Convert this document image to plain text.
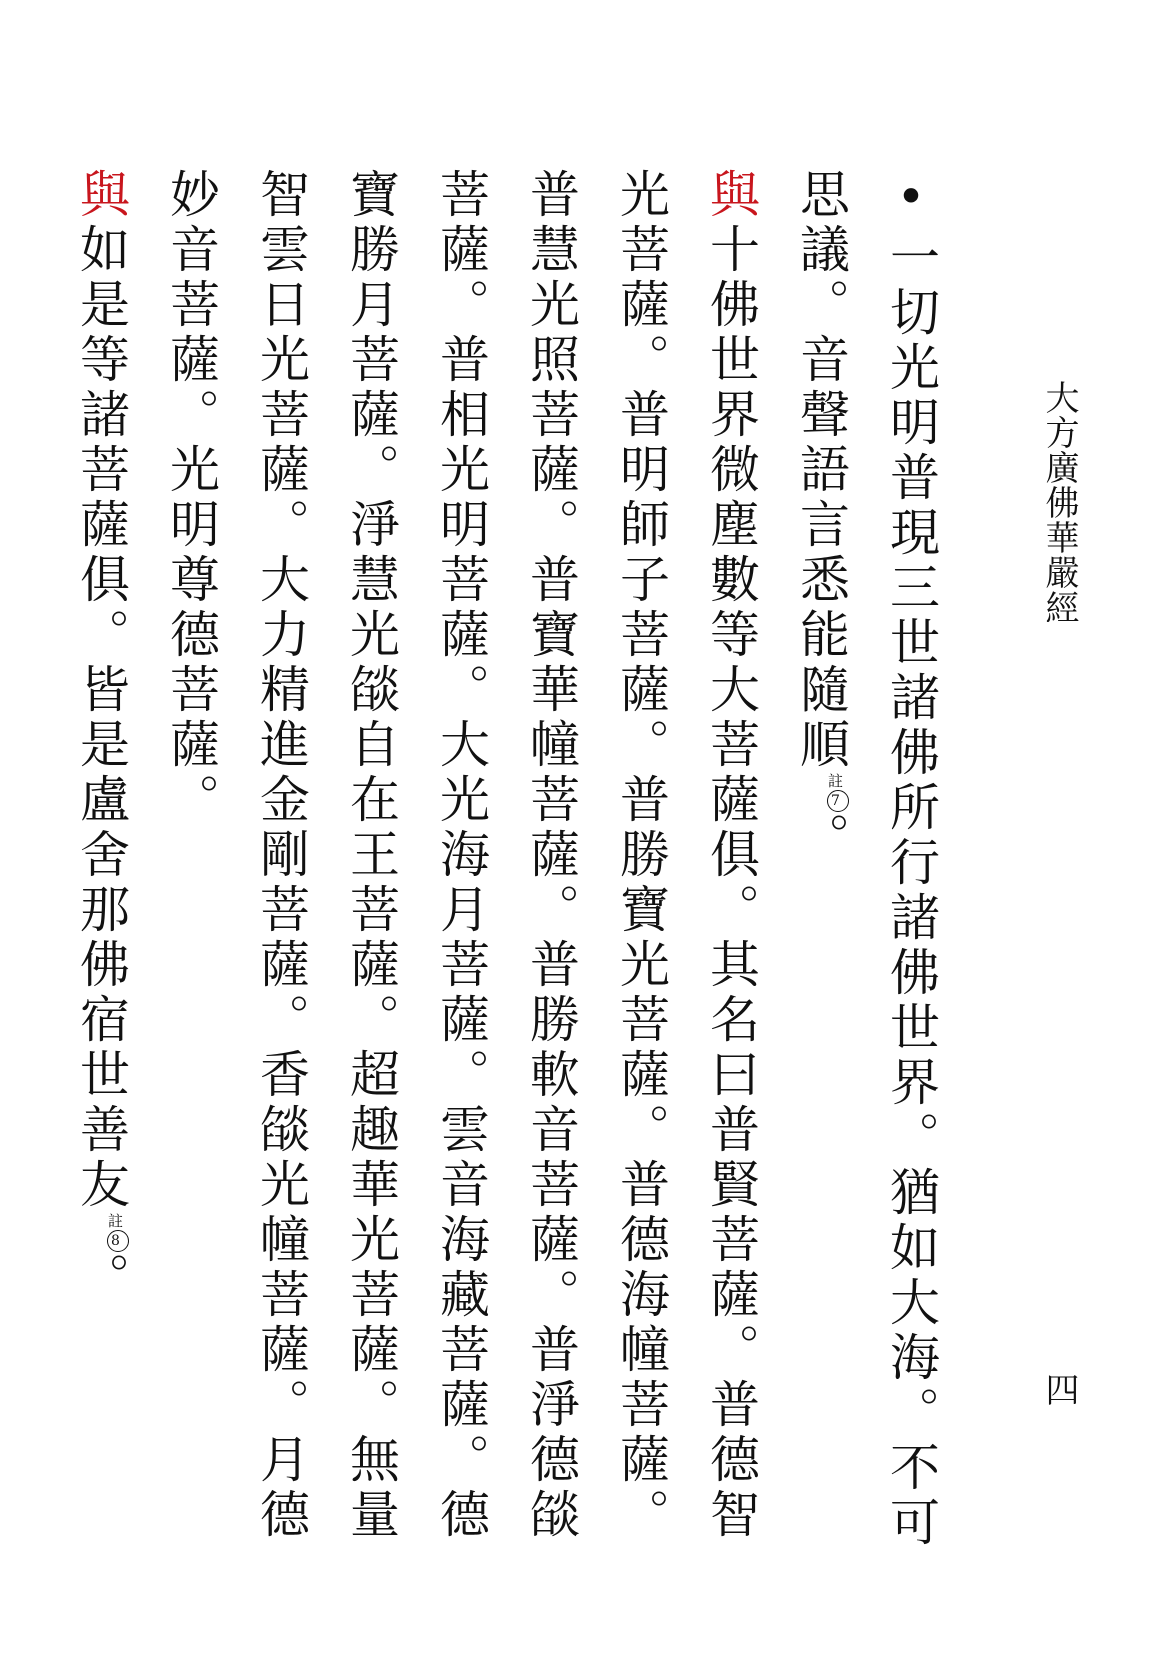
大方廣佛華嚴經
四
•一切光明普現三世諸佛所行諸佛世界。猶如大海。不可
思議。音聲語言悉能隨順註
7
。
與十佛世界微塵數等大菩薩俱。其名曰普賢菩薩。普德智
光菩薩。普明師子菩薩。普勝寶光菩薩。普德海幢菩薩。
普慧光照菩薩。普寶華幢菩薩。普勝軟音菩薩。普淨德燄
菩薩。普相光明菩薩。大光海月菩薩。雲音海藏菩薩。德
寶勝月菩薩。淨慧光燄自在王菩薩。超趣華光菩薩。無量
智雲日光菩薩。大力精進金剛菩薩。香燄光幢菩薩。月德
妙音菩薩。光明尊德菩薩。
與如是等諸菩薩俱。皆是盧舍那佛宿世善友註
8
。
